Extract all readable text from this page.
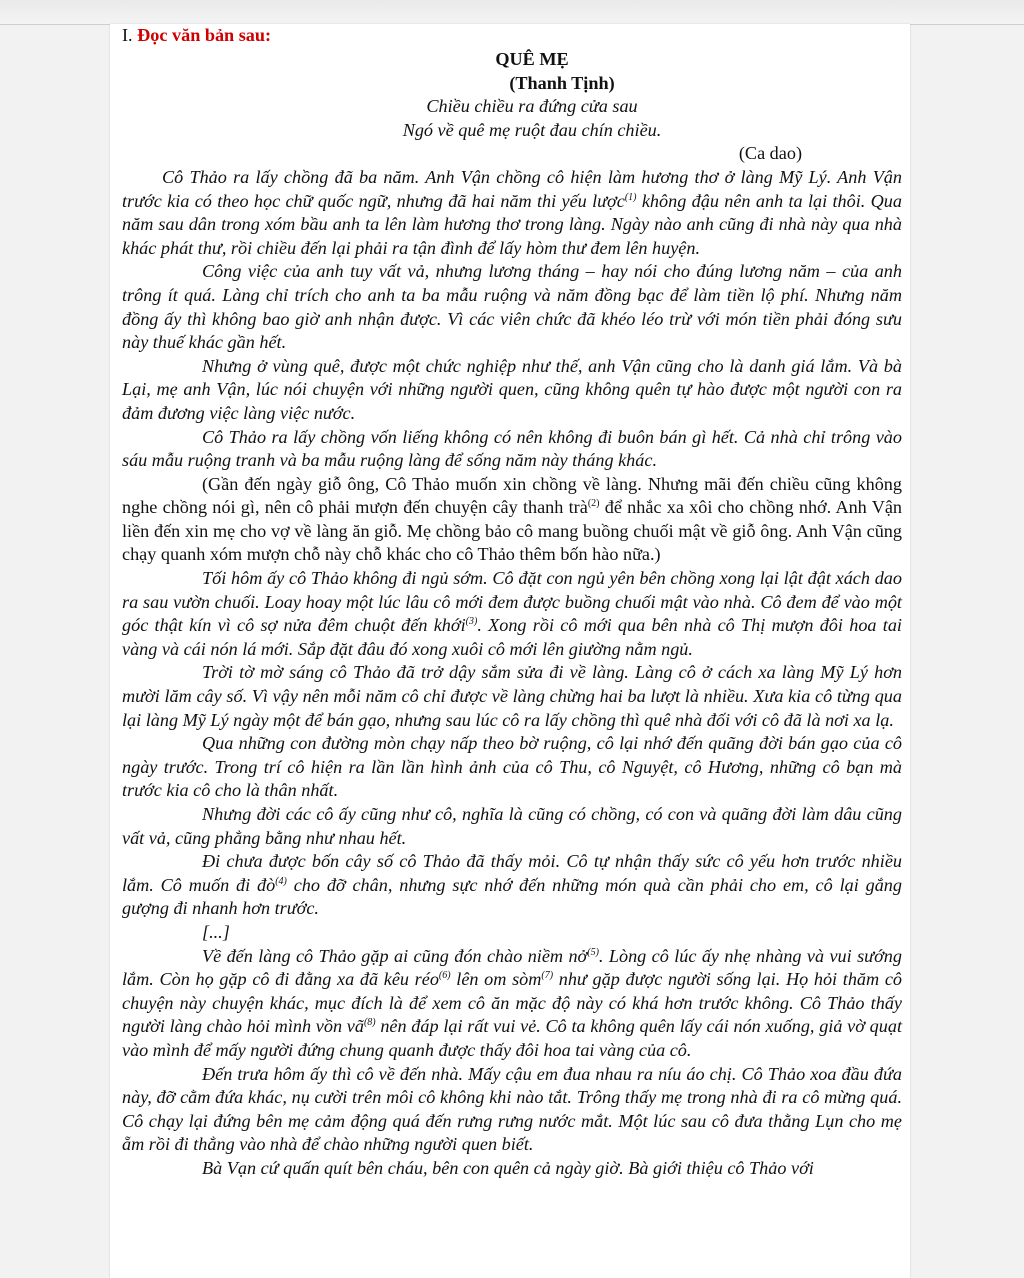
I. Đọc văn bản sau:
QUÊ MẸ
(Thanh Tịnh)
Chiều chiều ra đứng cửa sau
Ngó về quê mẹ ruột đau chín chiều.
(Ca dao)

Cô Thảo ra lấy chồng đã ba năm. Anh Vận chồng cô hiện làm hương thơ ở làng Mỹ Lý. Anh Vận trước kia có theo học chữ quốc ngữ, nhưng đã hai năm thi yếu lược$^{(1)}$ không đậu nên anh ta lại thôi. Qua năm sau dân trong xóm bầu anh ta lên làm hương thơ trong làng. Ngày nào anh cũng đi nhà này qua nhà khác phát thư, rồi chiều đến lại phải ra tận đình để lấy hòm thư đem lên huyện.

Công việc của anh tuy vất vả, nhưng lương tháng – hay nói cho đúng lương năm – của anh trông ít quá. Làng chỉ trích cho anh ta ba mẫu ruộng và năm đồng bạc để làm tiền lộ phí. Nhưng năm đồng ấy thì không bao giờ anh nhận được. Vì các viên chức đã khéo léo trừ với món tiền phải đóng sưu này thuế khác gần hết.

Nhưng ở vùng quê, được một chức nghiệp như thế, anh Vận cũng cho là danh giá lắm. Và bà Lại, mẹ anh Vận, lúc nói chuyện với những người quen, cũng không quên tự hào được một người con ra đảm đương việc làng việc nước.

Cô Thảo ra lấy chồng vốn liếng không có nên không đi buôn bán gì hết. Cả nhà chỉ trông vào sáu mẫu ruộng tranh và ba mẫu ruộng làng để sống năm này tháng khác.

(Gần đến ngày giỗ ông, Cô Thảo muốn xin chồng về làng. Nhưng mãi đến chiều cũng không nghe chồng nói gì, nên cô phải mượn đến chuyện cây thanh trà$^{(2)}$ để nhắc xa xôi cho chồng nhớ. Anh Vận liền đến xin mẹ cho vợ về làng ăn giỗ. Mẹ chồng bảo cô mang buồng chuối mật về giỗ ông. Anh Vận cũng chạy quanh xóm mượn chỗ này chỗ khác cho cô Thảo thêm bốn hào nữa.)

Tối hôm ấy cô Thảo không đi ngủ sớm. Cô đặt con ngủ yên bên chồng xong lại lật đật xách dao ra sau vườn chuối. Loay hoay một lúc lâu cô mới đem được buồng chuối mật vào nhà. Cô đem để vào một góc thật kín vì cô sợ nửa đêm chuột đến khới$^{(3)}$. Xong rồi cô mới qua bên nhà cô Thị mượn đôi hoa tai vàng và cái nón lá mới. Sắp đặt đâu đó xong xuôi cô mới lên giường nằm ngủ.

Trời tờ mờ sáng cô Thảo đã trở dậy sắm sửa đi về làng. Làng cô ở cách xa làng Mỹ Lý hơn mười lăm cây số. Vì vậy nên mỗi năm cô chỉ được về làng chừng hai ba lượt là nhiều. Xưa kia cô từng qua lại làng Mỹ Lý ngày một để bán gạo, nhưng sau lúc cô ra lấy chồng thì quê nhà đối với cô đã là nơi xa lạ.

Qua những con đường mòn chạy nấp theo bờ ruộng, cô lại nhớ đến quãng đời bán gạo của cô ngày trước. Trong trí cô hiện ra lần lần hình ảnh của cô Thu, cô Nguyệt, cô Hương, những cô bạn mà trước kia cô cho là thân nhất.

Nhưng đời các cô ấy cũng như cô, nghĩa là cũng có chồng, có con và quãng đời làm dâu cũng vất vả, cũng phẳng bằng như nhau hết.

Đi chưa được bốn cây số cô Thảo đã thấy mỏi. Cô tự nhận thấy sức cô yếu hơn trước nhiều lắm. Cô muốn đi $đò^{(4)}$ cho đỡ chân, nhưng sực nhớ đến những món quà cần phải cho em, cô lại gắng gượng đi nhanh hơn trước.

[...]

Về đến làng cô Thảo gặp ai cũng đón chào niềm nở$^{(5)}$. Lòng cô lúc ấy nhẹ nhàng và vui sướng lắm. Còn họ gặp cô đi đằng xa đã kêu réo$^{(6)}$ lên om sòm$^{(7)}$ như gặp được người sống lại. Họ hỏi thăm cô chuyện này chuyện khác, mục đích là để xem cô ăn mặc độ này có khá hơn trước không. Cô Thảo thấy người làng chào hỏi mình vồn $vã^{(8)}$ nên đáp lại rất vui vẻ. Cô ta không quên lấy cái nón xuống, giả vờ quạt vào mình để mấy người đứng chung quanh được thấy đôi hoa tai vàng của cô.

Đến trưa hôm ấy thì cô về đến nhà. Mấy cậu em đua nhau ra níu áo chị. Cô Thảo xoa đầu đứa này, đỡ cằm đứa khác, nụ cười trên môi cô không khi nào tắt. Trông thấy mẹ trong nhà đi ra cô mừng quá. Cô chạy lại đứng bên mẹ cảm động quá đến rưng rưng nước mắt. Một lúc sau cô đưa thằng Lụn cho mẹ ẵm rồi đi thẳng vào nhà để chào những người quen biết.

Bà Vạn cứ quấn quít bên cháu, bên con quên cả ngày giờ. Bà giới thiệu cô Thảo với
